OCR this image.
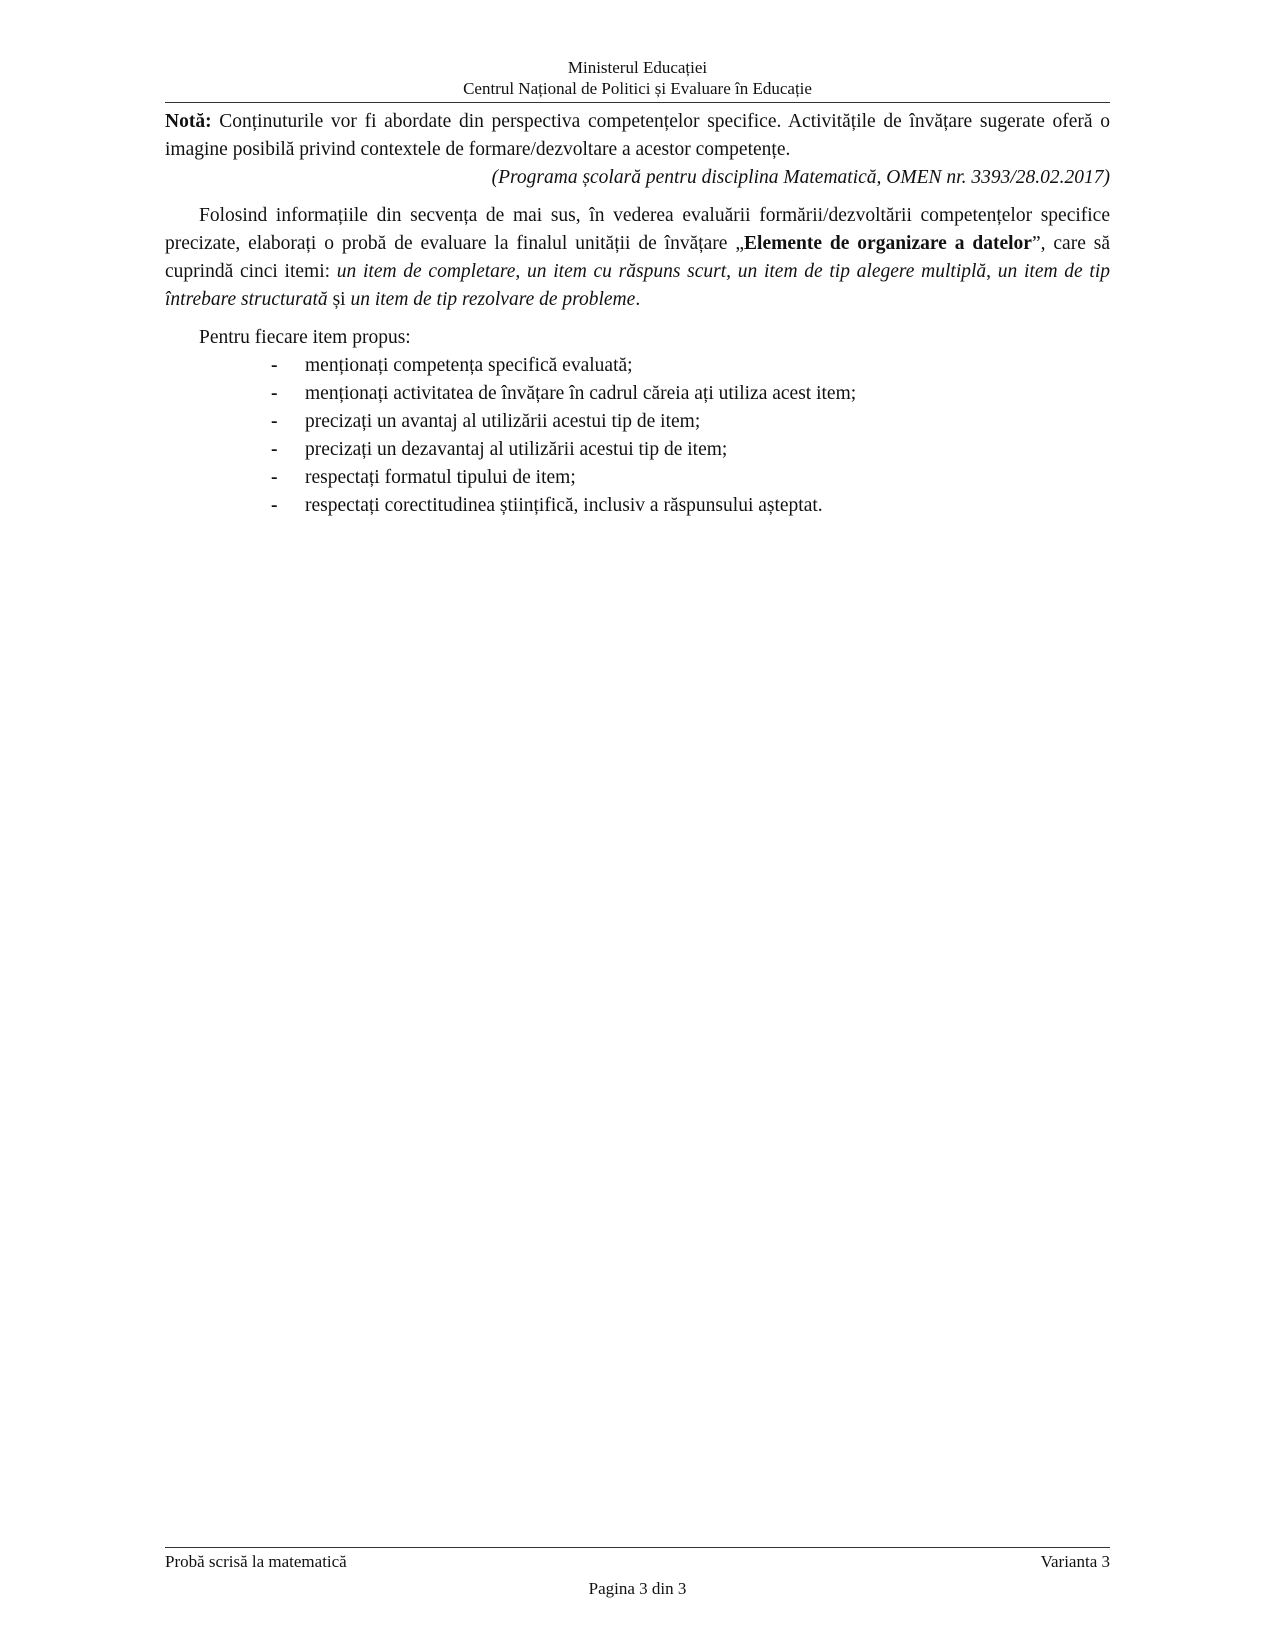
Ministerul Educației
Centrul Național de Politici și Evaluare în Educație

Notă: Conținuturile vor fi abordate din perspectiva competențelor specifice. Activitățile de învățare sugerate oferă o imagine posibilă privind contextele de formare/dezvoltare a acestor competențe.

(Programa școlară pentru disciplina Matematică, OMEN nr. 3393/28.02.2017)

Folosind informațiile din secvența de mai sus, în vederea evaluării formării/dezvoltării competențelor specifice precizate, elaborați o probă de evaluare la finalul unității de învățare „Elemente de organizare a datelor”, care să cuprindă cinci itemi: un item de completare, un item cu răspuns scurt, un item de tip alegere multiplă, un item de tip întrebare structurată și un item de tip rezolvare de probleme.

Pentru fiecare item propus:

- menționați competența specifică evaluată;
- menționați activitatea de învățare în cadrul căreia ați utiliza acest item;
- precizați un avantaj al utilizării acestui tip de item;
- precizați un dezavantaj al utilizării acestui tip de item;
- respectați formatul tipului de item;
- respectați corectitudinea științifică, inclusiv a răspunsului așteptat.
Probă scrisă la matematică	Varianta 3
Pagina 3 din 3
